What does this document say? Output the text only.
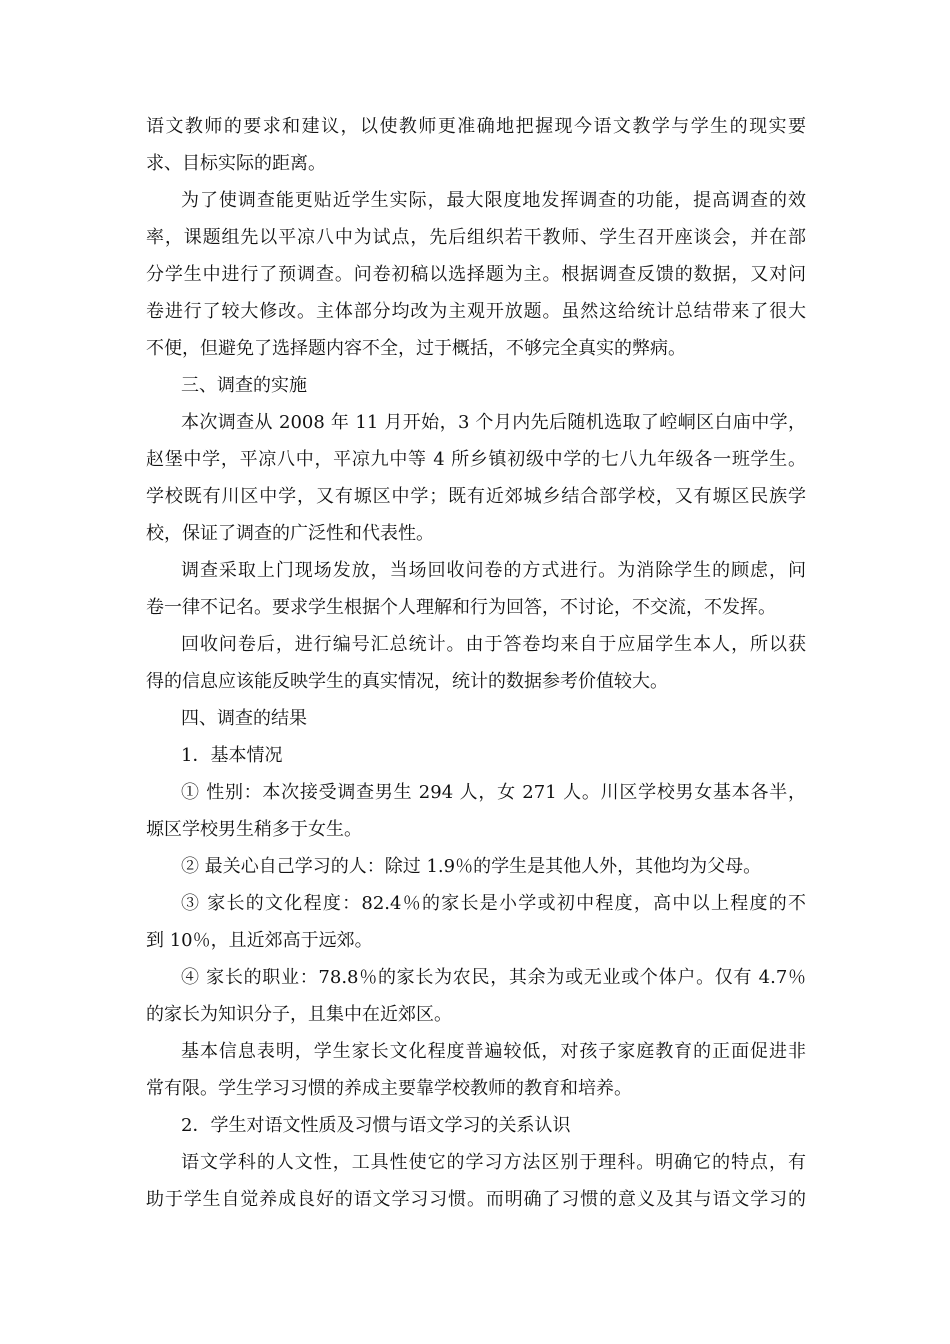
语文教师的要求和建议，以使教师更准确地把握现今语文教学与学生的现实要
求、目标实际的距离。
为了使调查能更贴近学生实际，最大限度地发挥调查的功能，提高调查的效
率，课题组先以平凉八中为试点，先后组织若干教师、学生召开座谈会，并在部
分学生中进行了预调查。问卷初稿以选择题为主。根据调查反馈的数据，又对问
卷进行了较大修改。主体部分均改为主观开放题。虽然这给统计总结带来了很大
不便，但避免了选择题内容不全，过于概括，不够完全真实的弊病。
三、调查的实施
本次调查从 2008 年 11 月开始，3 个月内先后随机选取了崆峒区白庙中学，
赵堡中学，平凉八中，平凉九中等 4 所乡镇初级中学的七八九年级各一班学生。
学校既有川区中学，又有塬区中学；既有近郊城乡结合部学校，又有塬区民族学
校，保证了调查的广泛性和代表性。
调查采取上门现场发放，当场回收问卷的方式进行。为消除学生的顾虑，问
卷一律不记名。要求学生根据个人理解和行为回答，不讨论，不交流，不发挥。
回收问卷后，进行编号汇总统计。由于答卷均来自于应届学生本人，所以获
得的信息应该能反映学生的真实情况，统计的数据参考价值较大。
四、调查的结果
1．基本情况
① 性别：本次接受调查男生 294 人，女 271 人。川区学校男女基本各半，
塬区学校男生稍多于女生。
② 最关心自己学习的人：除过 1.9％的学生是其他人外，其他均为父母。
③ 家长的文化程度：82.4％的家长是小学或初中程度，高中以上程度的不
到 10％，且近郊高于远郊。
④ 家长的职业：78.8％的家长为农民，其余为或无业或个体户。仅有 4.7％
的家长为知识分子，且集中在近郊区。
基本信息表明，学生家长文化程度普遍较低，对孩子家庭教育的正面促进非
常有限。学生学习习惯的养成主要靠学校教师的教育和培养。
2．学生对语文性质及习惯与语文学习的关系认识
语文学科的人文性，工具性使它的学习方法区别于理科。明确它的特点，有
助于学生自觉养成良好的语文学习习惯。而明确了习惯的意义及其与语文学习的
